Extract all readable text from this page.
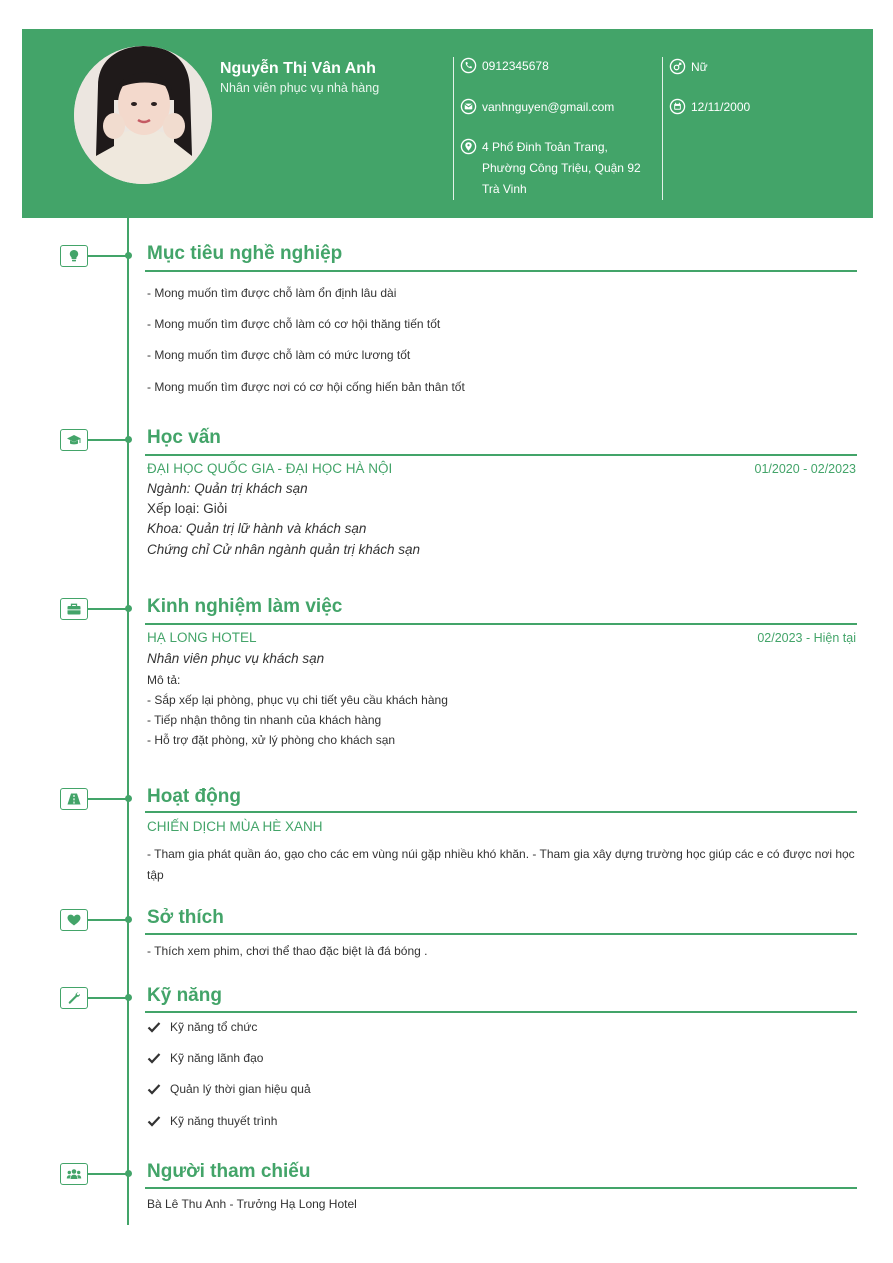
Nguyễn Thị Vân Anh
Nhân viên phục vụ nhà hàng
0912345678
vanhnguyen@gmail.com
4 Phố Đinh Toản Trang,
Phường Công Triệu, Quận 92
Trà Vinh
Nữ
12/11/2000
Mục tiêu nghề nghiệp
- Mong muốn tìm được chỗ làm ổn định lâu dài
- Mong muốn tìm được chỗ làm có cơ hội thăng tiến tốt
- Mong muốn tìm được chỗ làm có mức lương tốt
- Mong muốn tìm được nơi có cơ hội cống hiến bản thân tốt
Học vấn
ĐẠI HỌC QUỐC GIA - ĐẠI HỌC HÀ NỘI	01/2020 - 02/2023
Ngành: Quản trị khách sạn
Xếp loại: Giỏi
Khoa: Quản trị lữ hành và khách sạn
Chứng chỉ Cử nhân ngành quản trị khách sạn
Kinh nghiệm làm việc
HẠ LONG HOTEL	02/2023 - Hiện tại
Nhân viên phục vụ khách sạn
Mô tả:
- Sắp xếp lại phòng, phục vụ chi tiết yêu cầu khách hàng
- Tiếp nhận thông tin nhanh của khách hàng
- Hỗ trợ đặt phòng, xử lý phòng cho khách sạn
Hoạt động
CHIẾN DỊCH MÙA HÈ XANH
- Tham gia phát quần áo, gạo cho các em vùng núi gặp nhiều khó khăn. - Tham gia xây dựng trường học giúp các e có được nơi học tập
Sở thích
- Thích xem phim, chơi thể thao đặc biệt là đá bóng .
Kỹ năng
Kỹ năng tổ chức
Kỹ năng lãnh đạo
Quản lý thời gian hiệu quả
Kỹ năng thuyết trình
Người tham chiếu
Bà Lê Thu Anh - Trưởng Hạ Long Hotel
